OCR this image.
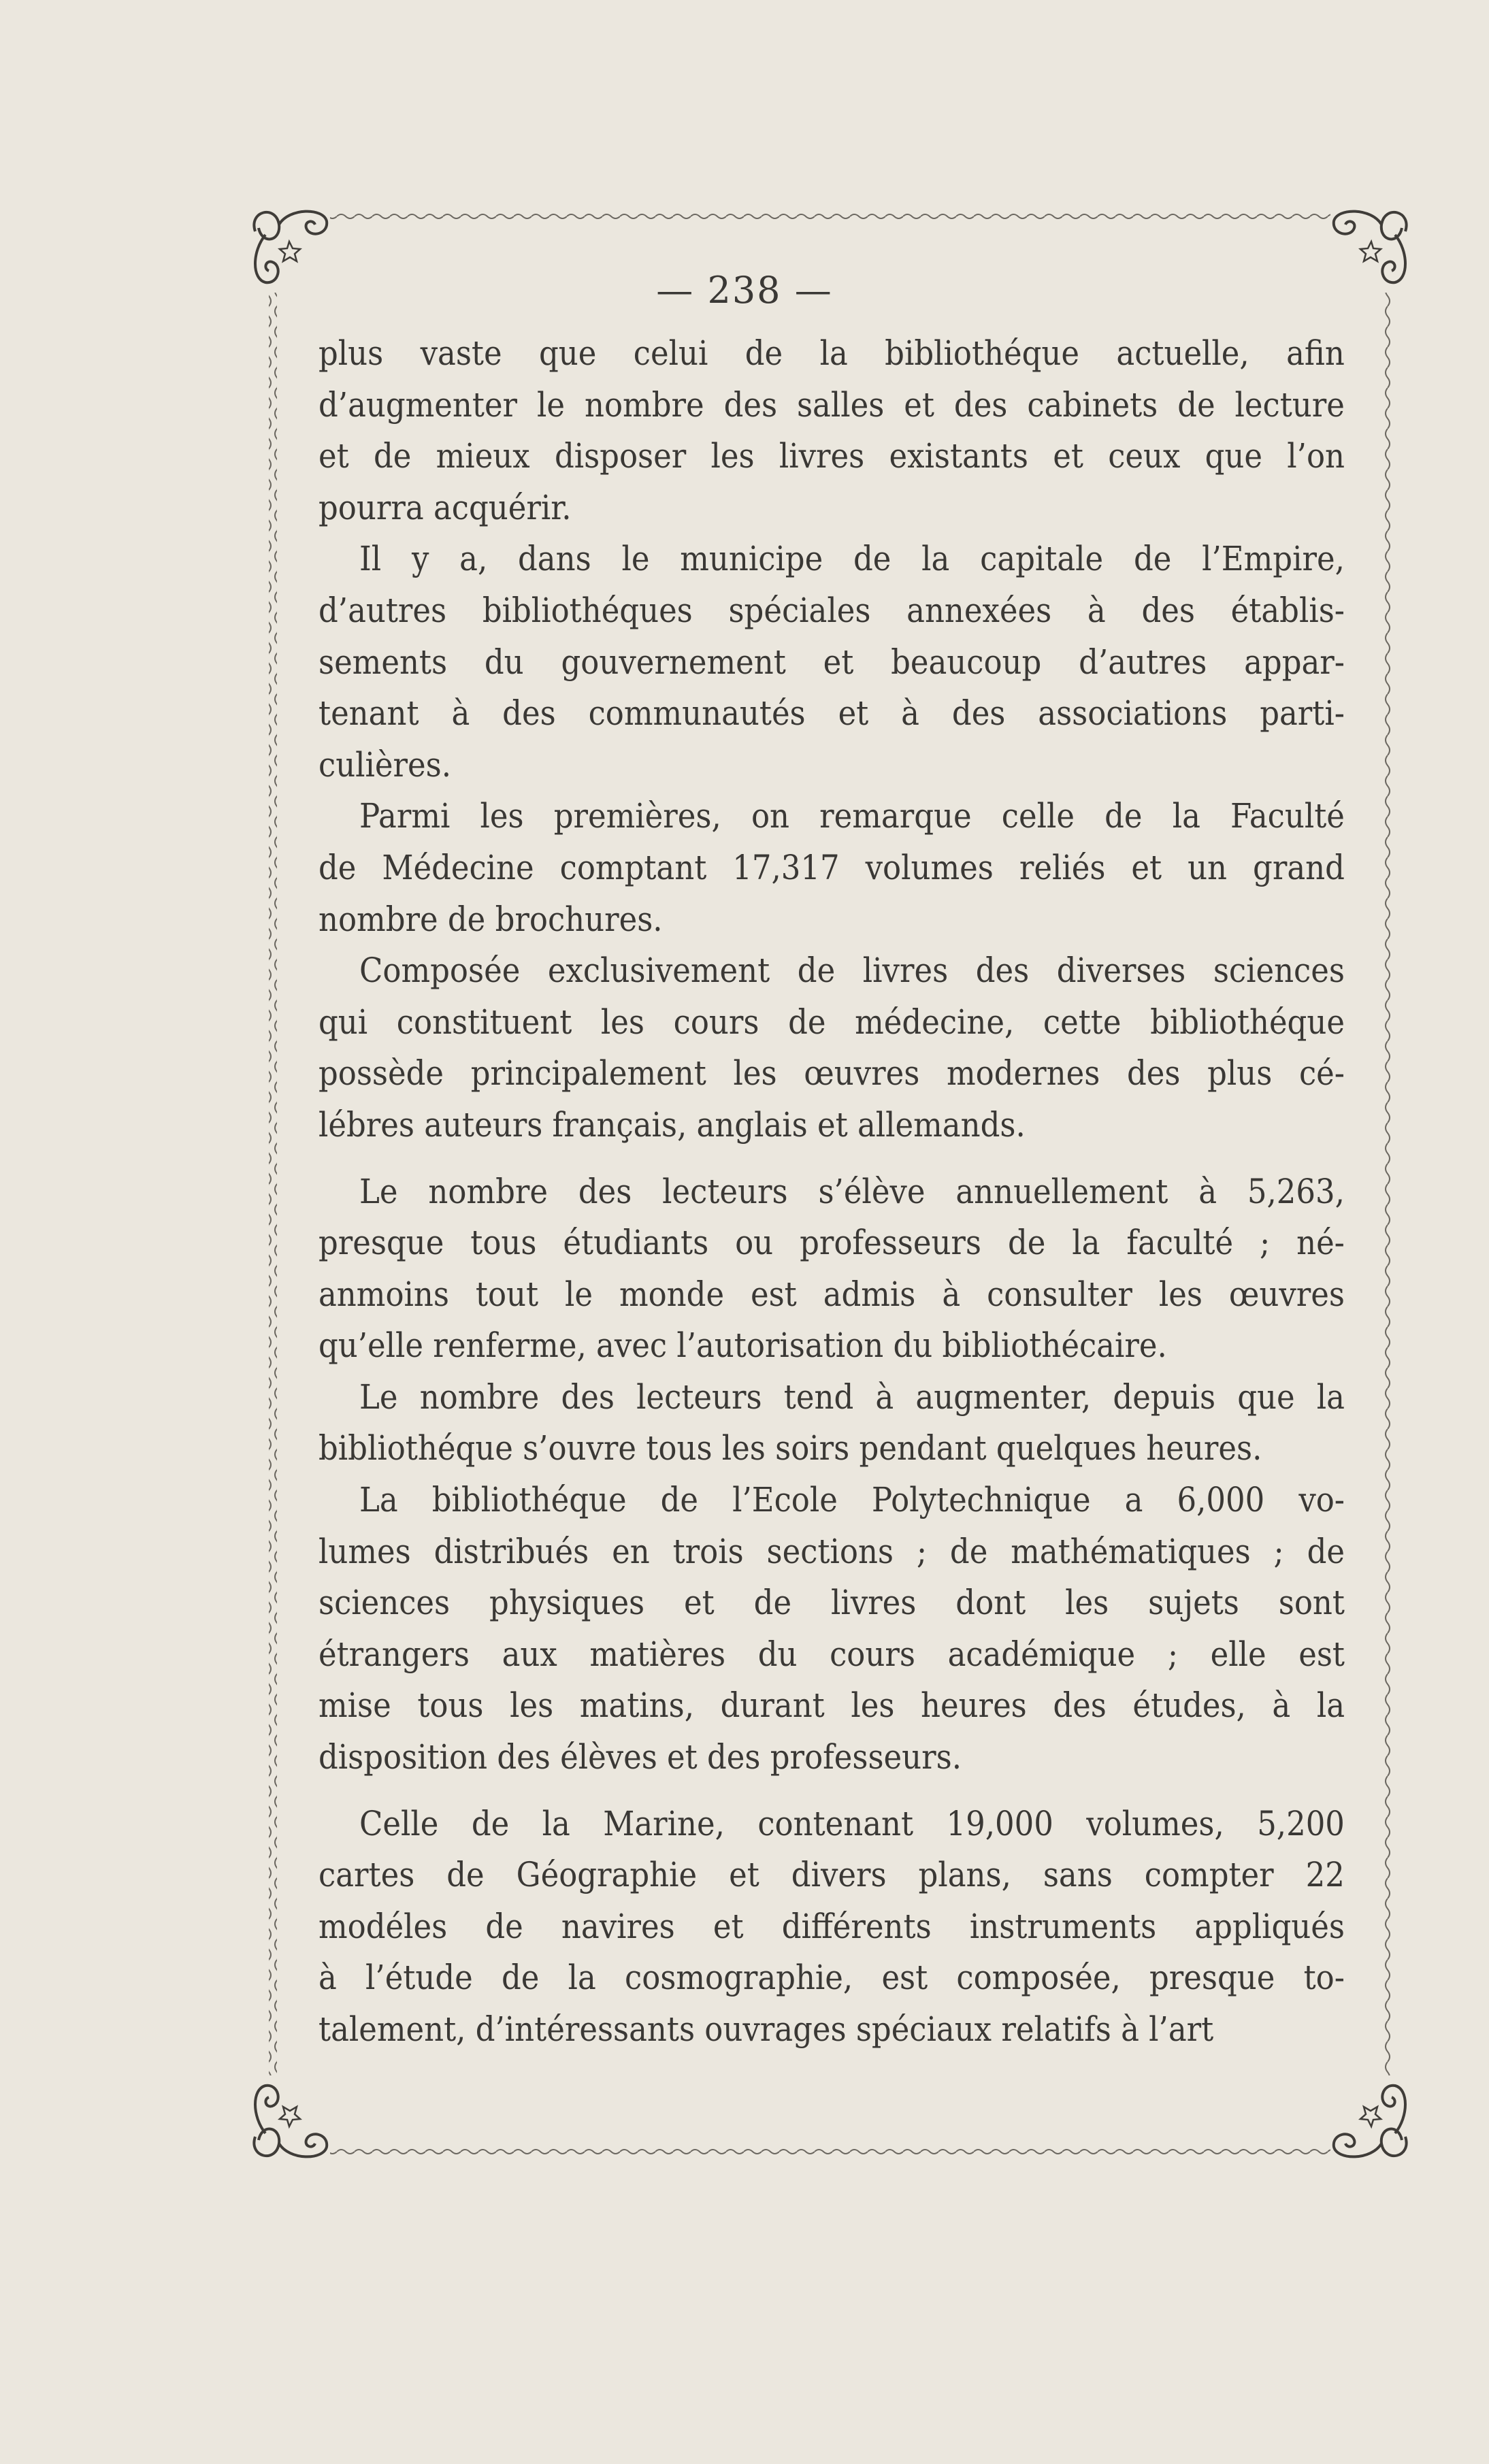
— 238 —
plus vaste que celui de la bibliothéque actuelle, afin
d’augmenter le nombre des salles et des cabinets de lecture
et de mieux disposer les livres existants et ceux que l’on
pourra acquérir.
Il y a, dans le municipe de la capitale de l’Empire,
d’autres bibliothéques spéciales annexées à des établis-
sements du gouvernement et beaucoup d’autres appar-
tenant à des communautés et à des associations parti-
culières.
Parmi les premières, on remarque celle de la Faculté
de Médecine comptant 17,317 volumes reliés et un grand
nombre de brochures.
Composée exclusivement de livres des diverses sciences
qui constituent les cours de médecine, cette bibliothéque
possède principalement les œuvres modernes des plus cé-
lébres auteurs français, anglais et allemands.
Le nombre des lecteurs s’élève annuellement à 5,263,
presque tous étudiants ou professeurs de la faculté ; né-
anmoins tout le monde est admis à consulter les œuvres
qu’elle renferme, avec l’autorisation du bibliothécaire.
Le nombre des lecteurs tend à augmenter, depuis que la
bibliothéque s’ouvre tous les soirs pendant quelques heures.
La bibliothéque de l’Ecole Polytechnique a 6,000 vo-
lumes distribués en trois sections ; de mathématiques ; de
sciences physiques et de livres dont les sujets sont
étrangers aux matières du cours académique ; elle est
mise tous les matins, durant les heures des études, à la
disposition des élèves et des professeurs.
Celle de la Marine, contenant 19,000 volumes, 5,200
cartes de Géographie et divers plans, sans compter 22
modéles de navires et différents instruments appliqués
à l’étude de la cosmographie, est composée, presque to-
talement, d’intéressants ouvrages spéciaux relatifs à l’art
